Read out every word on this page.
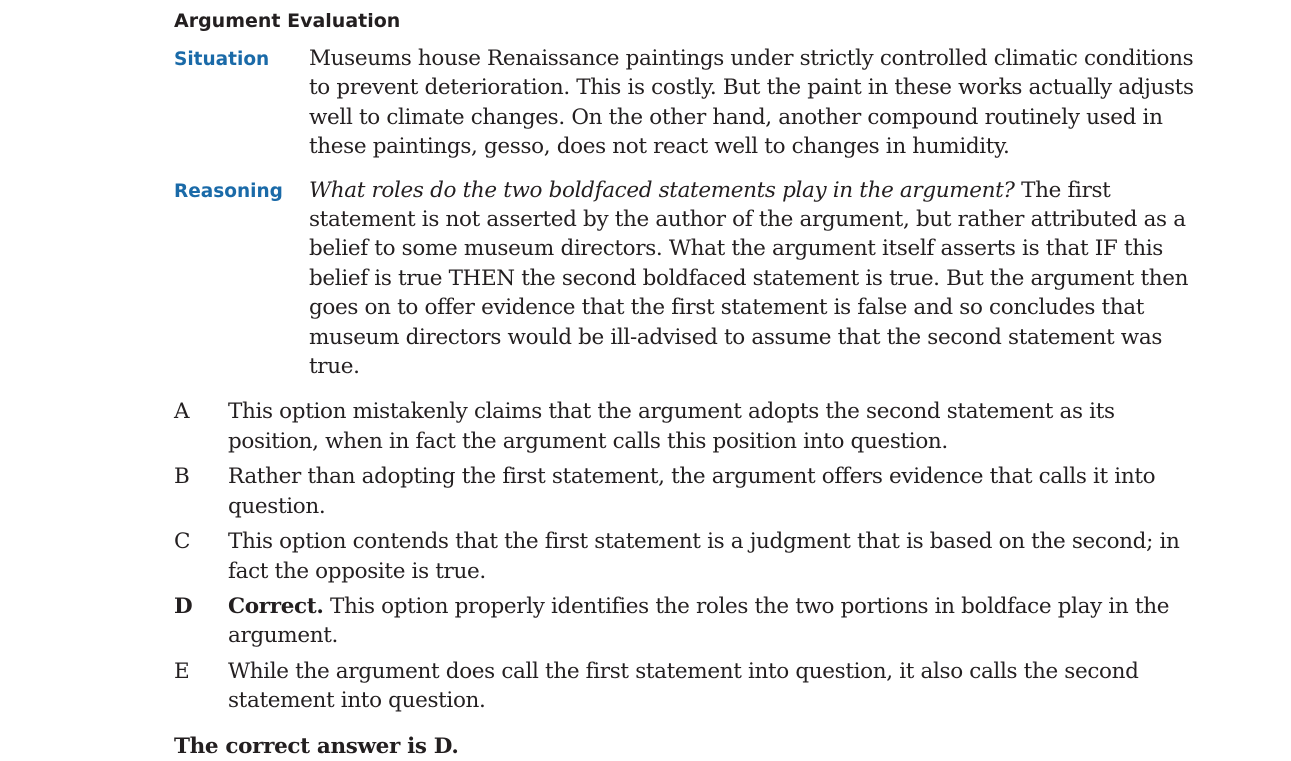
Argument Evaluation
Situation	Museums house Renaissance paintings under strictly controlled climatic conditions to prevent deterioration. This is costly. But the paint in these works actually adjusts well to climate changes. On the other hand, another compound routinely used in these paintings, gesso, does not react well to changes in humidity.
Reasoning	What roles do the two boldfaced statements play in the argument? The first statement is not asserted by the author of the argument, but rather attributed as a belief to some museum directors. What the argument itself asserts is that IF this belief is true THEN the second boldfaced statement is true. But the argument then goes on to offer evidence that the first statement is false and so concludes that museum directors would be ill-advised to assume that the second statement was true.
A	This option mistakenly claims that the argument adopts the second statement as its position, when in fact the argument calls this position into question.
B	Rather than adopting the first statement, the argument offers evidence that calls it into question.
C	This option contends that the first statement is a judgment that is based on the second; in fact the opposite is true.
D	Correct. This option properly identifies the roles the two portions in boldface play in the argument.
E	While the argument does call the first statement into question, it also calls the second statement into question.
The correct answer is D.
